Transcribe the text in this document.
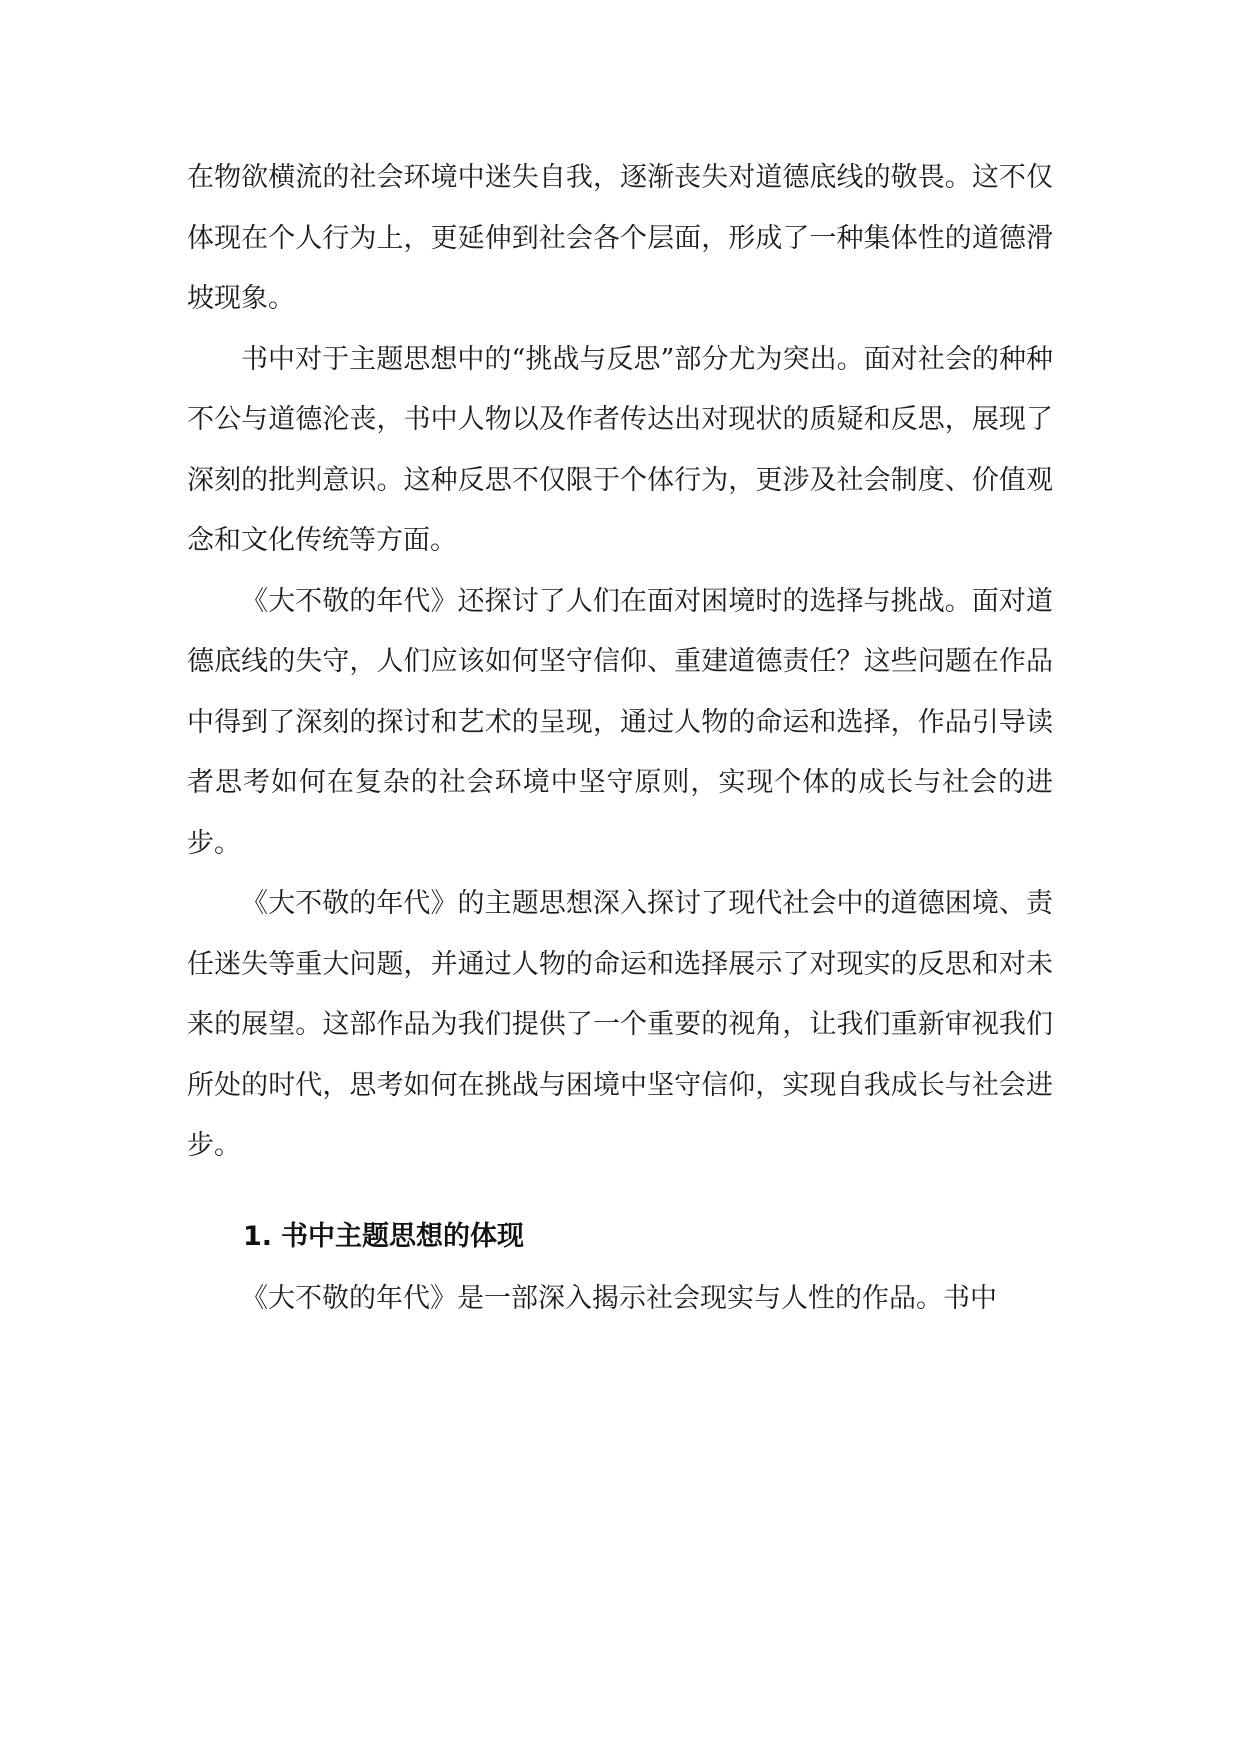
在物欲横流的社会环境中迷失自我，逐渐丧失对道德底线的敬畏。这不仅体现在个人行为上，更延伸到社会各个层面，形成了一种集体性的道德滑坡现象。

书中对于主题思想中的“挑战与反思”部分尤为突出。面对社会的种种不公与道德沦丧，书中人物以及作者传达出对现状的质疑和反思，展现了深刻的批判意识。这种反思不仅限于个体行为，更涉及社会制度、价值观念和文化传统等方面。

《大不敬的年代》还探讨了人们在面对困境时的选择与挑战。面对道德底线的失守，人们应该如何坚守信仰、重建道德责任？这些问题在作品中得到了深刻的探讨和艺术的呈现，通过人物的命运和选择，作品引导读者思考如何在复杂的社会环境中坚守原则，实现个体的成长与社会的进步。

《大不敬的年代》的主题思想深入探讨了现代社会中的道德困境、责任迷失等重大问题，并通过人物的命运和选择展示了对现实的反思和对未来的展望。这部作品为我们提供了一个重要的视角，让我们重新审视我们所处的时代，思考如何在挑战与困境中坚守信仰，实现自我成长与社会进步。

1. 书中主题思想的体现

《大不敬的年代》是一部深入揭示社会现实与人性的作品。书中
